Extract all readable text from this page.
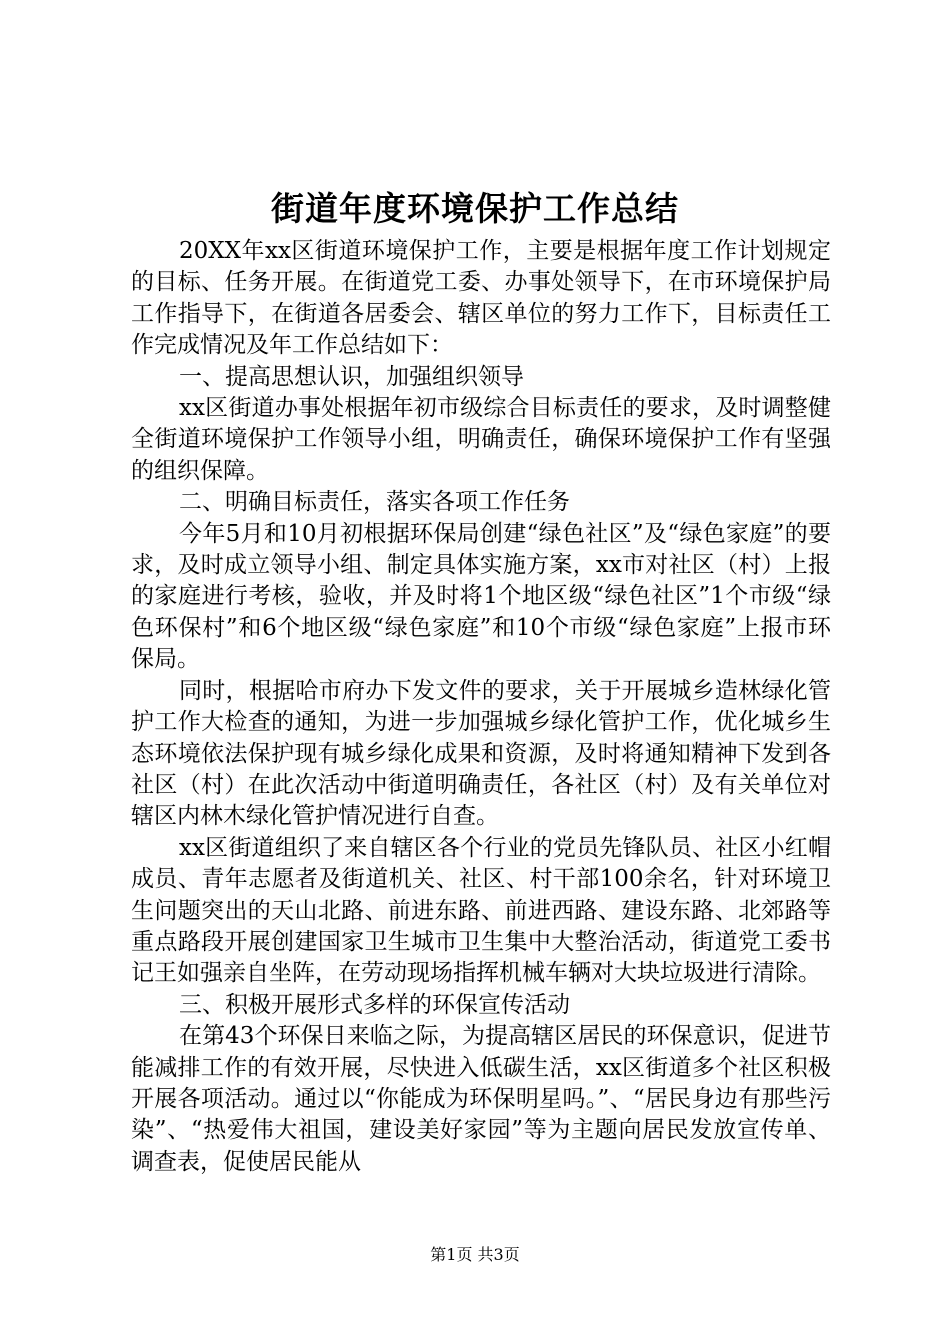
街道年度环境保护工作总结

20XX年xx区街道环境保护工作，主要是根据年度工作计划规定的目标、任务开展。在街道党工委、办事处领导下，在市环境保护局工作指导下，在街道各居委会、辖区单位的努力工作下，目标责任工作完成情况及年工作总结如下：

一、提高思想认识，加强组织领导

xx区街道办事处根据年初市级综合目标责任的要求，及时调整健全街道环境保护工作领导小组，明确责任，确保环境保护工作有坚强的组织保障。

二、明确目标责任，落实各项工作任务

今年5月和10月初根据环保局创建“绿色社区”及“绿色家庭”的要求，及时成立领导小组、制定具体实施方案，xx市对社区（村）上报的家庭进行考核，验收，并及时将1个地区级“绿色社区”1个市级“绿色环保村”和6个地区级“绿色家庭”和10个市级“绿色家庭”上报市环保局。

同时，根据哈市府办下发文件的要求，关于开展城乡造林绿化管护工作大检查的通知，为进一步加强城乡绿化管护工作，优化城乡生态环境依法保护现有城乡绿化成果和资源，及时将通知精神下发到各社区（村）在此次活动中街道明确责任，各社区（村）及有关单位对辖区内林木绿化管护情况进行自查。

xx区街道组织了来自辖区各个行业的党员先锋队员、社区小红帽成员、青年志愿者及街道机关、社区、村干部100余名，针对环境卫生问题突出的天山北路、前进东路、前进西路、建设东路、北郊路等重点路段开展创建国家卫生城市卫生集中大整治活动，街道党工委书记王如强亲自坐阵，在劳动现场指挥机械车辆对大块垃圾进行清除。

三、积极开展形式多样的环保宣传活动

在第43个环保日来临之际，为提高辖区居民的环保意识，促进节能减排工作的有效开展，尽快进入低碳生活，xx区街道多个社区积极开展各项活动。通过以“你能成为环保明星吗。”、“居民身边有那些污染”、“热爱伟大祖国，建设美好家园”等为主题向居民发放宣传单、调查表，促使居民能从

第1页 共3页
